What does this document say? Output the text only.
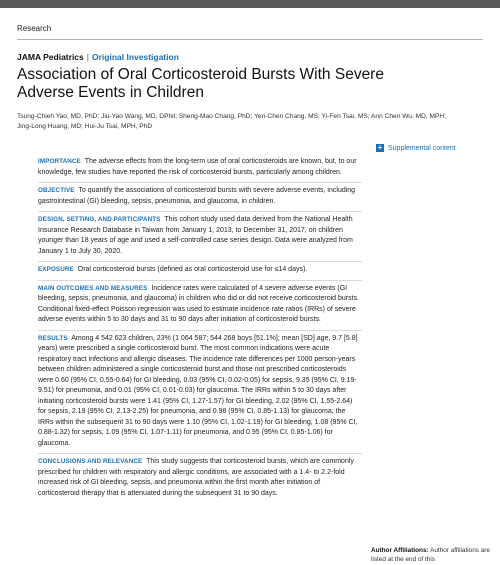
Research
JAMA Pediatrics | Original Investigation
Association of Oral Corticosteroid Bursts With Severe Adverse Events in Children
Tsung-Chieh Yao, MD, PhD; Jiu-Yao Wang, MD, DPhil; Sheng-Mao Chang, PhD; Yen-Chen Chang, MS; Yi-Fen Tsai, MS; Ann Chen Wu, MD, MPH; Jing-Long Huang, MD; Hui-Ju Tsai, MPH, PhD
+ Supplemental content
IMPORTANCE The adverse effects from the long-term use of oral corticosteroids are known, but, to our knowledge, few studies have reported the risk of corticosteroid bursts, particularly among children.
OBJECTIVE To quantify the associations of corticosteroid bursts with severe adverse events, including gastrointestinal (GI) bleeding, sepsis, pneumonia, and glaucoma, in children.
DESIGN, SETTING, AND PARTICIPANTS This cohort study used data derived from the National Health Insurance Research Database in Taiwan from January 1, 2013, to December 31, 2017, on children younger than 18 years of age and used a self-controlled case series design. Data were analyzed from January 1 to July 30, 2020.
EXPOSURE Oral corticosteroid bursts (defined as oral corticosteroid use for ≤14 days).
MAIN OUTCOMES AND MEASURES Incidence rates were calculated of 4 severe adverse events (GI bleeding, sepsis, pneumonia, and glaucoma) in children who did or did not receive corticosteroid bursts. Conditional fixed-effect Poisson regression was used to estimate incidence rate ratios (IRRs) of severe adverse events within 5 to 30 days and 31 to 90 days after initiation of corticosteroid bursts.
RESULTS Among 4 542 623 children, 23% (1 064 587; 544 268 boys [51.1%]; mean [SD] age, 9.7 [5.8] years) were prescribed a single corticosteroid burst. The most common indications were acute respiratory tract infections and allergic diseases. The incidence rate differences per 1000 person-years between children administered a single corticosteroid burst and those not prescribed corticosteroids were 0.60 (95% CI, 0.55-0.64) for GI bleeding, 0.03 (95% CI, 0.02-0.05) for sepsis, 9.35 (95% CI, 9.19-9.51) for pneumonia, and 0.01 (95% CI, 0.01-0.03) for glaucoma. The IRRs within 5 to 30 days after initiating corticosteroid bursts were 1.41 (95% CI, 1.27-1.57) for GI bleeding, 2.02 (95% CI, 1.55-2.64) for sepsis, 2.19 (95% CI, 2.13-2.25) for pneumonia, and 0.98 (95% CI, 0.85-1.13) for glaucoma; the IRRs within the subsequent 31 to 90 days were 1.10 (95% CI, 1.02-1.19) for GI bleeding, 1.08 (95% CI, 0.88-1.32) for sepsis, 1.09 (95% CI, 1.07-1.11) for pneumonia, and 0.95 (95% CI, 0.85-1.06) for glaucoma.
CONCLUSIONS AND RELEVANCE This study suggests that corticosteroid bursts, which are commonly prescribed for children with respiratory and allergic conditions, are associated with a 1.4- to 2.2-fold increased risk of GI bleeding, sepsis, and pneumonia within the first month after initiation of corticosteroid therapy that is attenuated during the subsequent 31 to 90 days.
Author Affiliations: Author affiliations are listed at the end of this
